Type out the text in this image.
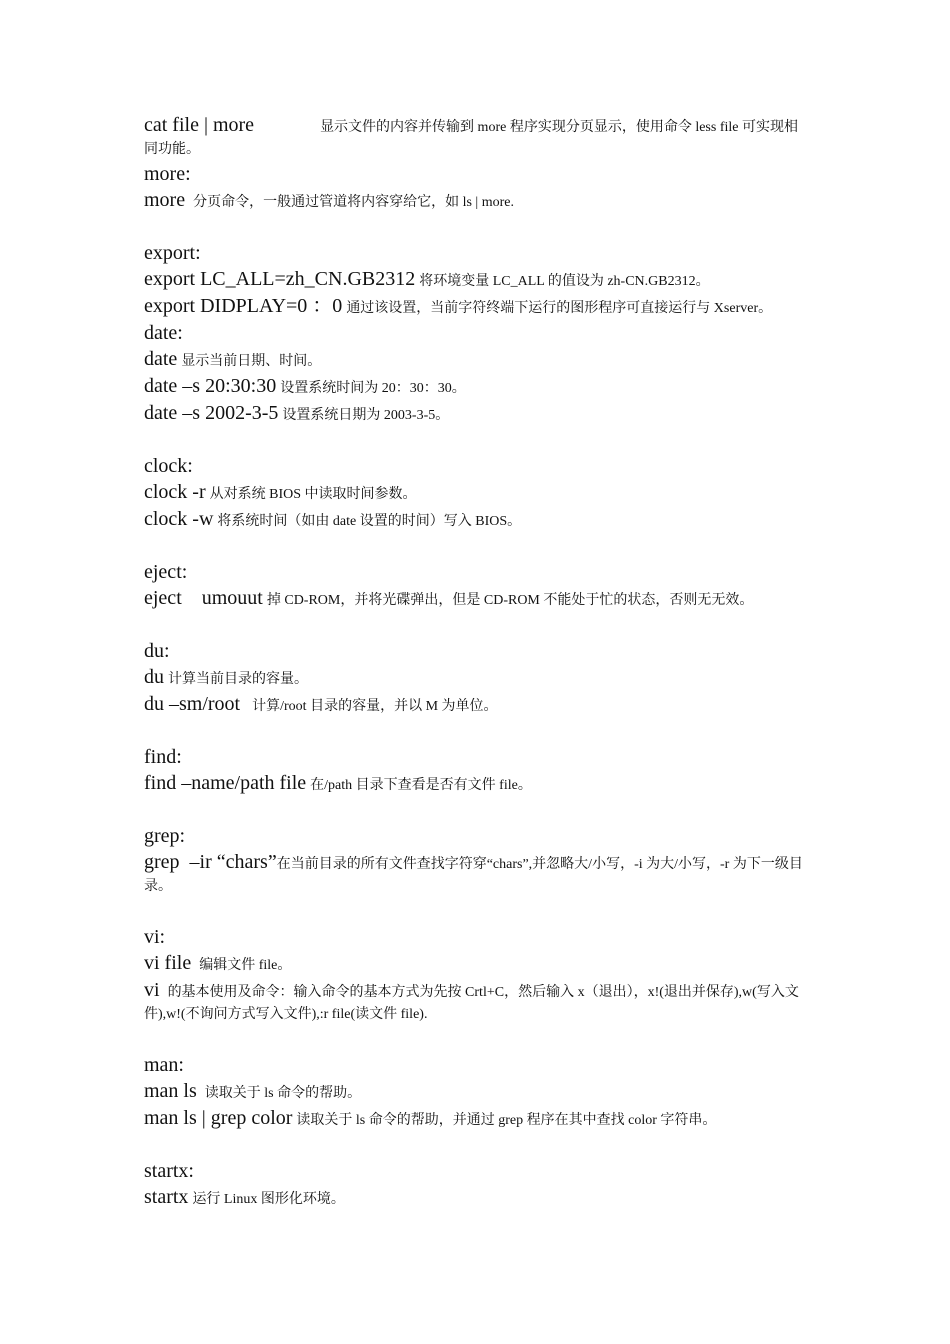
cat file | more	显示文件的内容并传输到 more 程序实现分页显示，使用命令 less file 可实现相同功能。

more:

more 分页命令，一般通过管道将内容穿给它，如 ls | more.

export:

export LC_ALL=zh_CN.GB2312 将环境变量 LC_ALL 的值设为 zh-CN.GB2312。

export DIDPLAY=0 ：0 通过该设置，当前字符终端下运行的图形程序可直接运行与 Xserver。

date:

date 显示当前日期、时间。

date –s 20:30:30 设置系统时间为 20：30：30。

date –s 2002-3-5 设置系统日期为 2003-3-5。

clock:

clock -r 从对系统 BIOS 中读取时间参数。

clock -w 将系统时间（如由 date 设置的时间）写入 BIOS。

eject:

eject    umouut 掉 CD-ROM，并将光碟弹出，但是 CD-ROM 不能处于忙的状态，否则无无效。

du:

du 计算当前目录的容量。

du –sm/root 计算/root 目录的容量，并以 M 为单位。

find:

find –name/path file 在/path 目录下查看是否有文件 file。

grep:

grep  –ir “chars”在当前目录的所有文件查找字符穿“chars”,并忽略大/小写，-i 为大/小写，-r 为下一级目录。

vi:

vi file 编辑文件 file。

vi 的基本使用及命令：输入命令的基本方式为先按 Crtl+C，然后输入 x（退出），x!(退出并保存),w(写入文件),w!(不询问方式写入文件),:r file(读文件 file).

man:

man ls 读取关于 ls 命令的帮助。

man ls | grep color 读取关于 ls 命令的帮助，并通过 grep 程序在其中查找 color 字符串。

startx:

startx 运行 Linux 图形化环境。
